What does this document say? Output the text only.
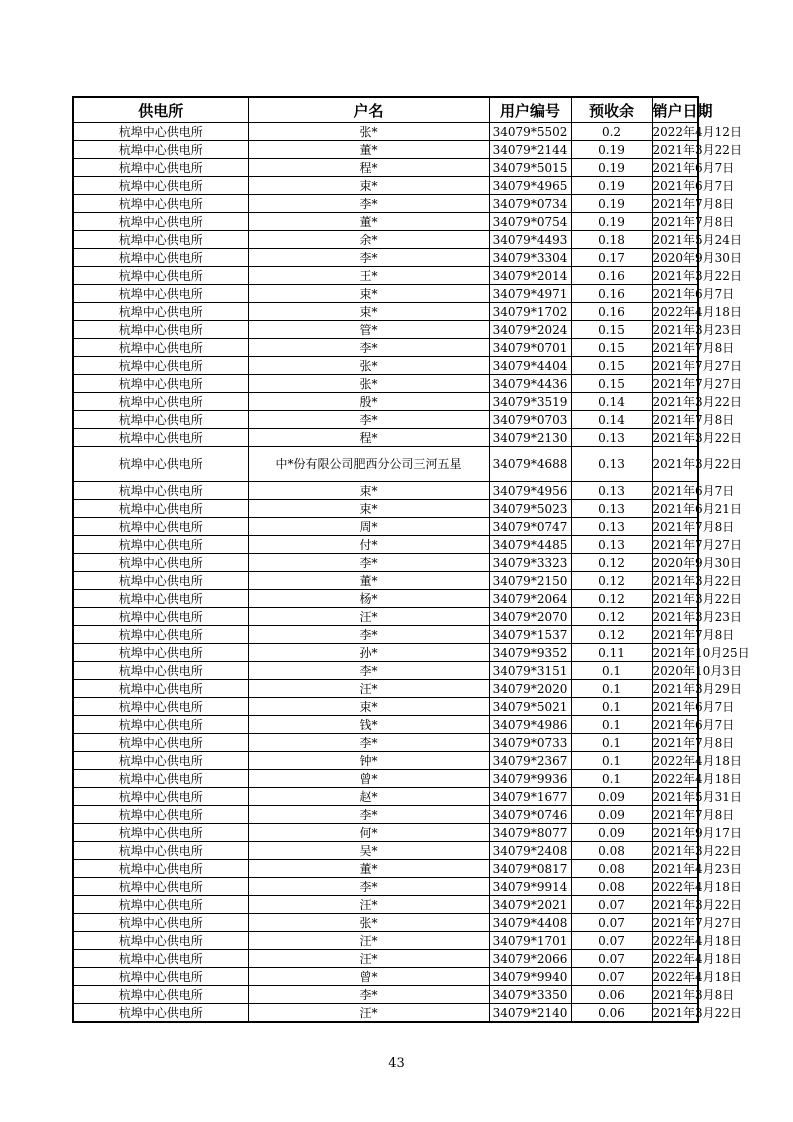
供电所	户名	用户编号	预收余	销户日期
杭埠中心供电所	张*	34079*5502	0.2	2022年4月12日
杭埠中心供电所	董*	34079*2144	0.19	2021年3月22日
杭埠中心供电所	程*	34079*5015	0.19	2021年6月7日
杭埠中心供电所	束*	34079*4965	0.19	2021年6月7日
杭埠中心供电所	李*	34079*0734	0.19	2021年7月8日
杭埠中心供电所	董*	34079*0754	0.19	2021年7月8日
杭埠中心供电所	余*	34079*4493	0.18	2021年5月24日
杭埠中心供电所	李*	34079*3304	0.17	2020年9月30日
杭埠中心供电所	王*	34079*2014	0.16	2021年3月22日
杭埠中心供电所	束*	34079*4971	0.16	2021年6月7日
杭埠中心供电所	束*	34079*1702	0.16	2022年4月18日
杭埠中心供电所	管*	34079*2024	0.15	2021年3月23日
杭埠中心供电所	李*	34079*0701	0.15	2021年7月8日
杭埠中心供电所	张*	34079*4404	0.15	2021年7月27日
杭埠中心供电所	张*	34079*4436	0.15	2021年7月27日
杭埠中心供电所	殷*	34079*3519	0.14	2021年3月22日
杭埠中心供电所	李*	34079*0703	0.14	2021年7月8日
杭埠中心供电所	程*	34079*2130	0.13	2021年3月22日
杭埠中心供电所	中*份有限公司肥西分公司三河五星	34079*4688	0.13	2021年3月22日
杭埠中心供电所	束*	34079*4956	0.13	2021年6月7日
杭埠中心供电所	束*	34079*5023	0.13	2021年6月21日
杭埠中心供电所	周*	34079*0747	0.13	2021年7月8日
杭埠中心供电所	付*	34079*4485	0.13	2021年7月27日
杭埠中心供电所	李*	34079*3323	0.12	2020年9月30日
杭埠中心供电所	董*	34079*2150	0.12	2021年3月22日
杭埠中心供电所	杨*	34079*2064	0.12	2021年3月22日
杭埠中心供电所	汪*	34079*2070	0.12	2021年3月23日
杭埠中心供电所	李*	34079*1537	0.12	2021年7月8日
杭埠中心供电所	孙*	34079*9352	0.11	2021年10月25日
杭埠中心供电所	李*	34079*3151	0.1	2020年10月3日
杭埠中心供电所	汪*	34079*2020	0.1	2021年3月29日
杭埠中心供电所	束*	34079*5021	0.1	2021年6月7日
杭埠中心供电所	钱*	34079*4986	0.1	2021年6月7日
杭埠中心供电所	李*	34079*0733	0.1	2021年7月8日
杭埠中心供电所	钟*	34079*2367	0.1	2022年4月18日
杭埠中心供电所	曾*	34079*9936	0.1	2022年4月18日
杭埠中心供电所	赵*	34079*1677	0.09	2021年5月31日
杭埠中心供电所	李*	34079*0746	0.09	2021年7月8日
杭埠中心供电所	何*	34079*8077	0.09	2021年9月17日
杭埠中心供电所	吴*	34079*2408	0.08	2021年3月22日
杭埠中心供电所	董*	34079*0817	0.08	2021年4月23日
杭埠中心供电所	李*	34079*9914	0.08	2022年4月18日
杭埠中心供电所	汪*	34079*2021	0.07	2021年3月22日
杭埠中心供电所	张*	34079*4408	0.07	2021年7月27日
杭埠中心供电所	汪*	34079*1701	0.07	2022年4月18日
杭埠中心供电所	汪*	34079*2066	0.07	2022年4月18日
杭埠中心供电所	曾*	34079*9940	0.07	2022年4月18日
杭埠中心供电所	李*	34079*3350	0.06	2021年3月8日
杭埠中心供电所	汪*	34079*2140	0.06	2021年3月22日
43
